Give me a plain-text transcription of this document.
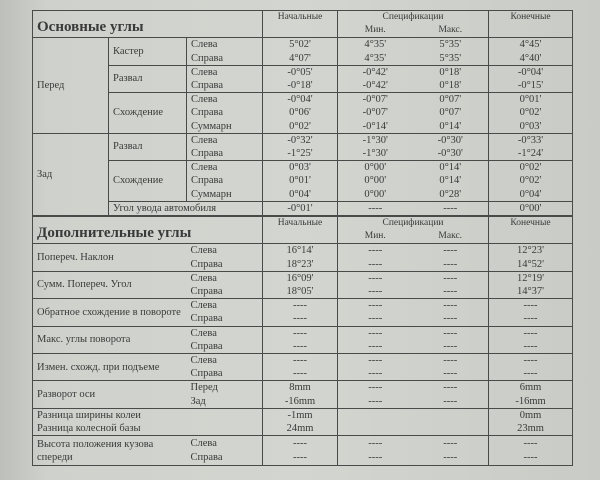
Основные углы			Начальные	Спецификации		Конечные
				Мин.	Макс.	
Перед	Кастер	Слева	5°02'	4°35'	5°35'	4°45'
		Справа	4°07'	4°35'	5°35'	4°40'
	Развал	Слева	-0°05'	-0°42'	0°18'	-0°04'
		Справа	-0°18'	-0°42'	0°18'	-0°15'
	Схождение	Слева	-0°04'	-0°07'	0°07'	0°01'
		Справа	0°06'	-0°07'	0°07'	0°02'
		Суммарн	0°02'	-0°14'	0°14'	0°03'
Зад	Развал	Слева	-0°32'	-1°30'	-0°30'	-0°33'
		Справа	-1°25'	-1°30'	-0°30'	-1°24'
	Схождение	Слева	0°03'	0°00'	0°14'	0°02'
		Справа	0°01'	0°00'	0°14'	0°02'
		Суммарн	0°04'	0°00'	0°28'	0°04'
	Угол увода автомобиля		-0°01'	----	----	0°00'
Дополнительные углы		Начальные	Спецификации		Конечные
			Мин.	Макс.	
Попереч. Наклон	Слева	16°14'	----	----	12°23'
	Справа	18°23'	----	----	14°52'
Сумм. Попереч. Угол	Слева	16°09'	----	----	12°19'
	Справа	18°05'	----	----	14°37'
Обратное схождение в повороте	Слева	----	----	----	----
	Справа	----	----	----	----
Макс. углы поворота	Слева	----	----	----	----
	Справа	----	----	----	----
Измен. схожд. при подъеме	Слева	----	----	----	----
	Справа	----	----	----	----
Разворот оси	Перед	8mm	----	----	6mm
	Зад	-16mm	----	----	-16mm
Разница ширины колеи		-1mm			0mm
Разница колесной базы		24mm			23mm
Высота положения кузова спереди	Слева	----	----	----	----
	Справа	----	----	----	----
